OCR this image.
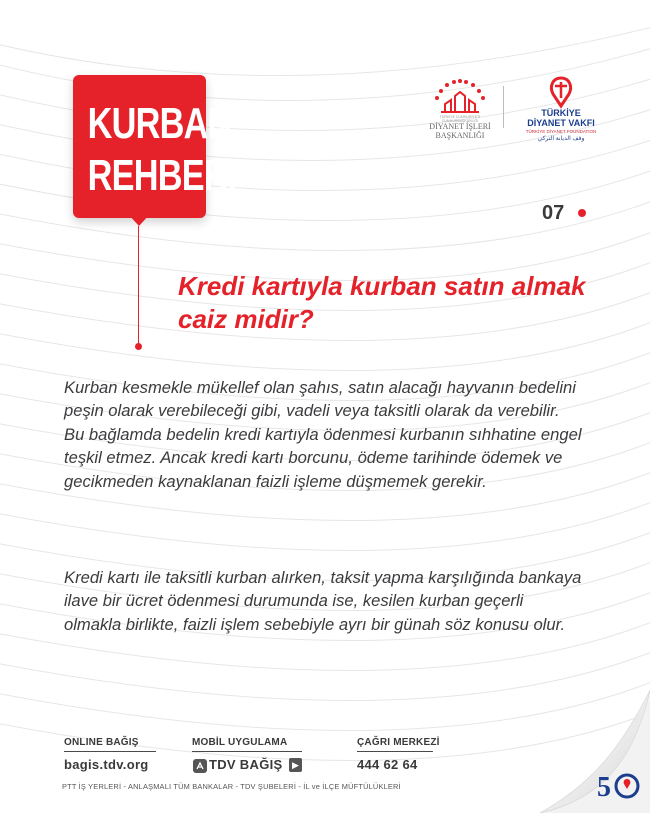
KURBAN
REHBERİ
TÜRKİYE CUMHURİYETİ CUMHURBAŞKANLIĞI
DİYANET İŞLERİ
BAŞKANLIĞI
TÜRKİYE
DİYANET VAKFI
TÜRKİYE DİYANET FOUNDATION
وقف الديانة التركي
07
Kredi kartıyla kurban satın almak caiz midir?
Kurban kesmekle mükellef olan şahıs, satın alacağı hayvanın bedelini peşin olarak verebileceği gibi, vadeli veya taksitli olarak da verebilir. Bu bağlamda bedelin kredi kartıyla ödenmesi kurbanın sıhhatine engel teşkil etmez. Ancak kredi kartı borcunu, ödeme tarihinde ödemek ve gecikmeden kaynaklanan faizli işleme düşmemek gerekir.
Kredi kartı ile taksitli kurban alırken, taksit yapma karşılığında bankaya ilave bir ücret ödenmesi durumunda ise, kesilen kurban geçerli olmakla birlikte, faizli işlem sebebiyle ayrı bir günah söz konusu olur.
ONLINE BAĞIŞ
bagis.tdv.org
MOBİL UYGULAMA
TDV BAĞIŞ	▶
ÇAĞRI MERKEZİ
444 62 64
PTT İŞ YERLERİ - ANLAŞMALI TÜM BANKALAR - TDV ŞUBELERİ - İL ve İLÇE MÜFTÜLÜKLERİ	5
